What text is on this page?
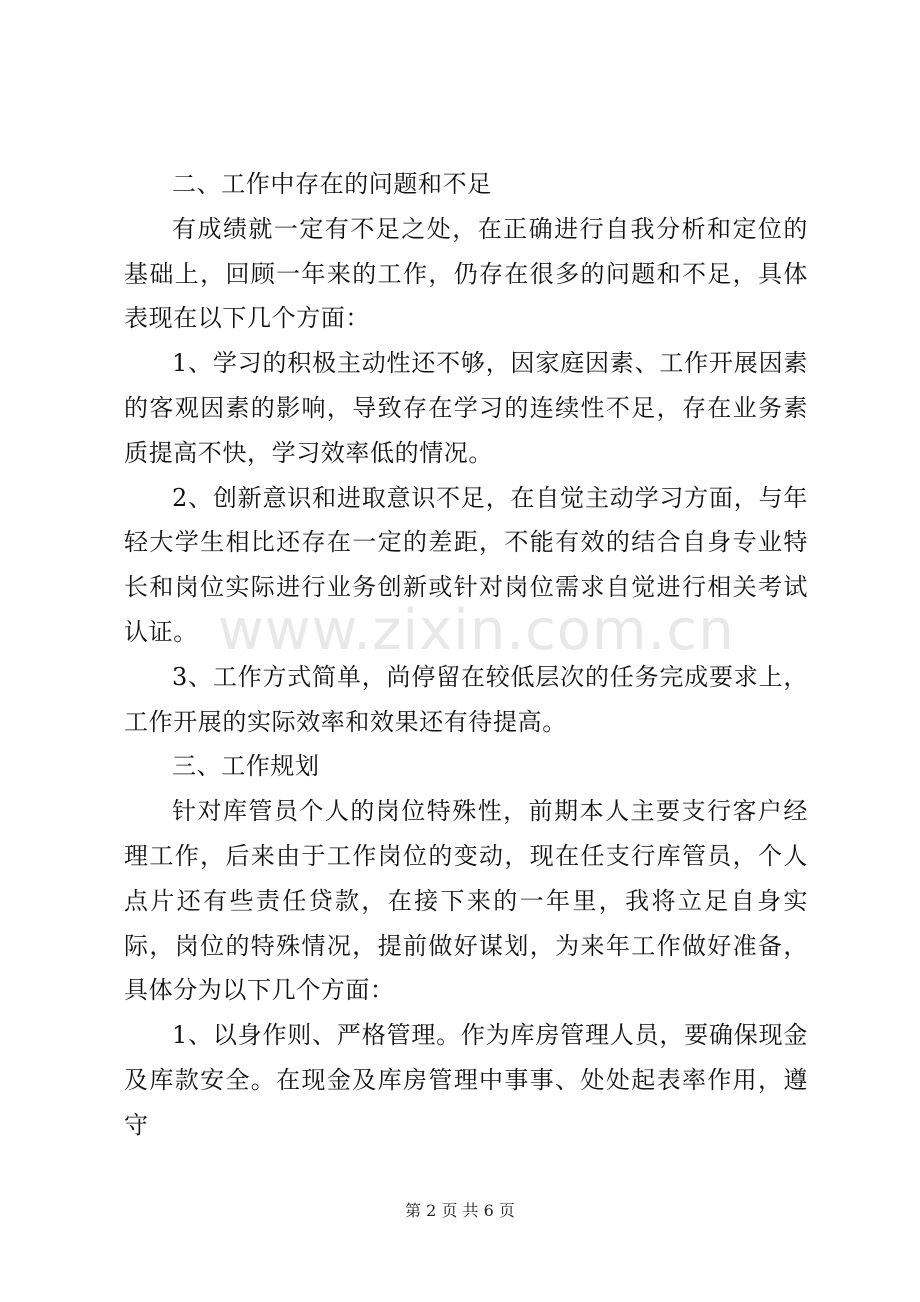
二、工作中存在的问题和不足

有成绩就一定有不足之处，在正确进行自我分析和定位的基础上，回顾一年来的工作，仍存在很多的问题和不足，具体表现在以下几个方面：

1、学习的积极主动性还不够，因家庭因素、工作开展因素的客观因素的影响，导致存在学习的连续性不足，存在业务素质提高不快，学习效率低的情况。

2、创新意识和进取意识不足，在自觉主动学习方面，与年轻大学生相比还存在一定的差距，不能有效的结合自身专业特长和岗位实际进行业务创新或针对岗位需求自觉进行相关考试认证。

3、工作方式简单，尚停留在较低层次的任务完成要求上，工作开展的实际效率和效果还有待提高。

三、工作规划

针对库管员个人的岗位特殊性，前期本人主要支行客户经理工作，后来由于工作岗位的变动，现在任支行库管员，个人点片还有些责任贷款，在接下来的一年里，我将立足自身实际，岗位的特殊情况，提前做好谋划，为来年工作做好准备，具体分为以下几个方面：

1、以身作则、严格管理。作为库房管理人员，要确保现金及库款安全。在现金及库房管理中事事、处处起表率作用，遵守

www.zixin.com.cn
第 2 页 共 6 页
